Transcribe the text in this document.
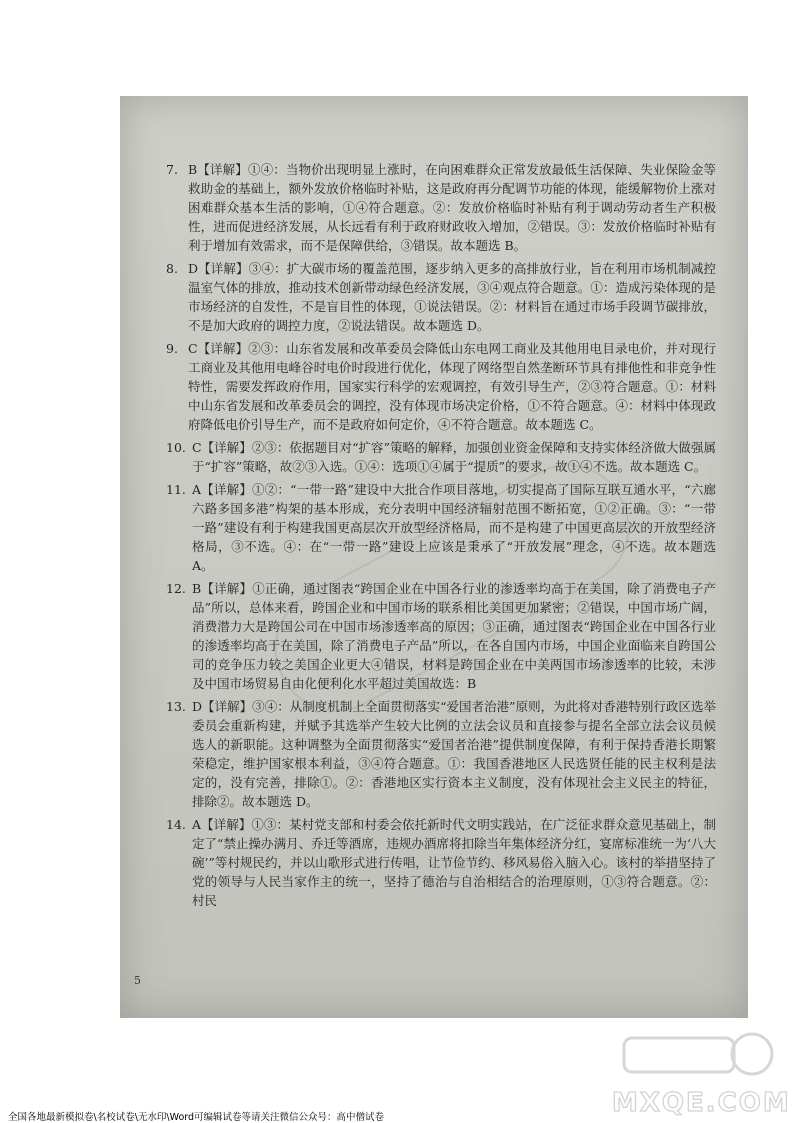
7. B【详解】①④：当物价出现明显上涨时，在向困难群众正常发放最低生活保障、失业保险金等救助金的基础上，额外发放价格临时补贴，这是政府再分配调节功能的体现，能缓解物价上涨对困难群众基本生活的影响，①④符合题意。②：发放价格临时补贴有利于调动劳动者生产积极性，进而促进经济发展，从长远看有利于政府财政收入增加，②错误。③：发放价格临时补贴有利于增加有效需求，而不是保障供给，③错误。故本题选 B。
8. D【详解】③④：扩大碳市场的覆盖范围，逐步纳入更多的高排放行业，旨在利用市场机制减控温室气体的排放，推动技术创新带动绿色经济发展，③④观点符合题意。①：造成污染体现的是市场经济的自发性，不是盲目性的体现，①说法错误。②：材料旨在通过市场手段调节碳排放，不是加大政府的调控力度，②说法错误。故本题选 D。
9. C【详解】②③：山东省发展和改革委员会降低山东电网工商业及其他用电目录电价，并对现行工商业及其他用电峰谷时电价时段进行优化，体现了网络型自然垄断环节具有排他性和非竞争性特性，需要发挥政府作用，国家实行科学的宏观调控，有效引导生产，②③符合题意。①：材料中山东省发展和改革委员会的调控，没有体现市场决定价格，①不符合题意。④：材料中体现政府降低电价引导生产，而不是政府如何定价，④不符合题意。故本题选 C。
10. C【详解】②③：依据题目对“扩容”策略的解释，加强创业资金保障和支持实体经济做大做强属于“扩容”策略，故②③入选。①④：选项①④属于“提质”的要求，故①④不选。故本题选 C。
11. A【详解】①②：“一带一路”建设中大批合作项目落地，切实提高了国际互联互通水平，“六廊六路多国多港”构架的基本形成，充分表明中国经济辐射范围不断拓宽，①②正确。③：“一带一路”建设有利于构建我国更高层次开放型经济格局，而不是构建了中国更高层次的开放型经济格局，③不选。④：在“一带一路”建设上应该是秉承了“开放发展”理念，④不选。故本题选 A。
12. B【详解】①正确，通过图表“跨国企业在中国各行业的渗透率均高于在美国，除了消费电子产品”所以，总体来看，跨国企业和中国市场的联系相比美国更加紧密；②错误，中国市场广阔，消费潜力大是跨国公司在中国市场渗透率高的原因；③正确，通过图表“跨国企业在中国各行业的渗透率均高于在美国，除了消费电子产品”所以，在各自国内市场，中国企业面临来自跨国公司的竞争压力较之美国企业更大④错误，材料是跨国企业在中美两国市场渗透率的比较，未涉及中国市场贸易自由化便利化水平超过美国故选：B
13. D【详解】③④：从制度机制上全面贯彻落实“爱国者治港”原则，为此将对香港特别行政区选举委员会重新构建，并赋予其选举产生较大比例的立法会议员和直接参与提名全部立法会议员候选人的新职能。这种调整为全面贯彻落实“爱国者治港”提供制度保障，有利于保持香港长期繁荣稳定，维护国家根本利益，③④符合题意。①：我国香港地区人民选贤任能的民主权利是法定的，没有完善，排除①。②：香港地区实行资本主义制度，没有体现社会主义民主的特征，排除②。故本题选 D。
14. A【详解】①③：某村党支部和村委会依托新时代文明实践站，在广泛征求群众意见基础上，制定了“禁止操办满月、乔迁等酒席，违规办酒席将扣除当年集体经济分红，宴席标准统一为‘八大碗’”等村规民约，并以山歌形式进行传唱，让节俭节约、移风易俗入脑入心。该村的举措坚持了党的领导与人民当家作主的统一，坚持了德治与自治相结合的治理原则，①③符合题意。②：村民
5
MXQE.COM
全国各地最新模拟卷\名校试卷\无水印\Word可编辑试卷等请关注微信公众号：高中僧试卷
